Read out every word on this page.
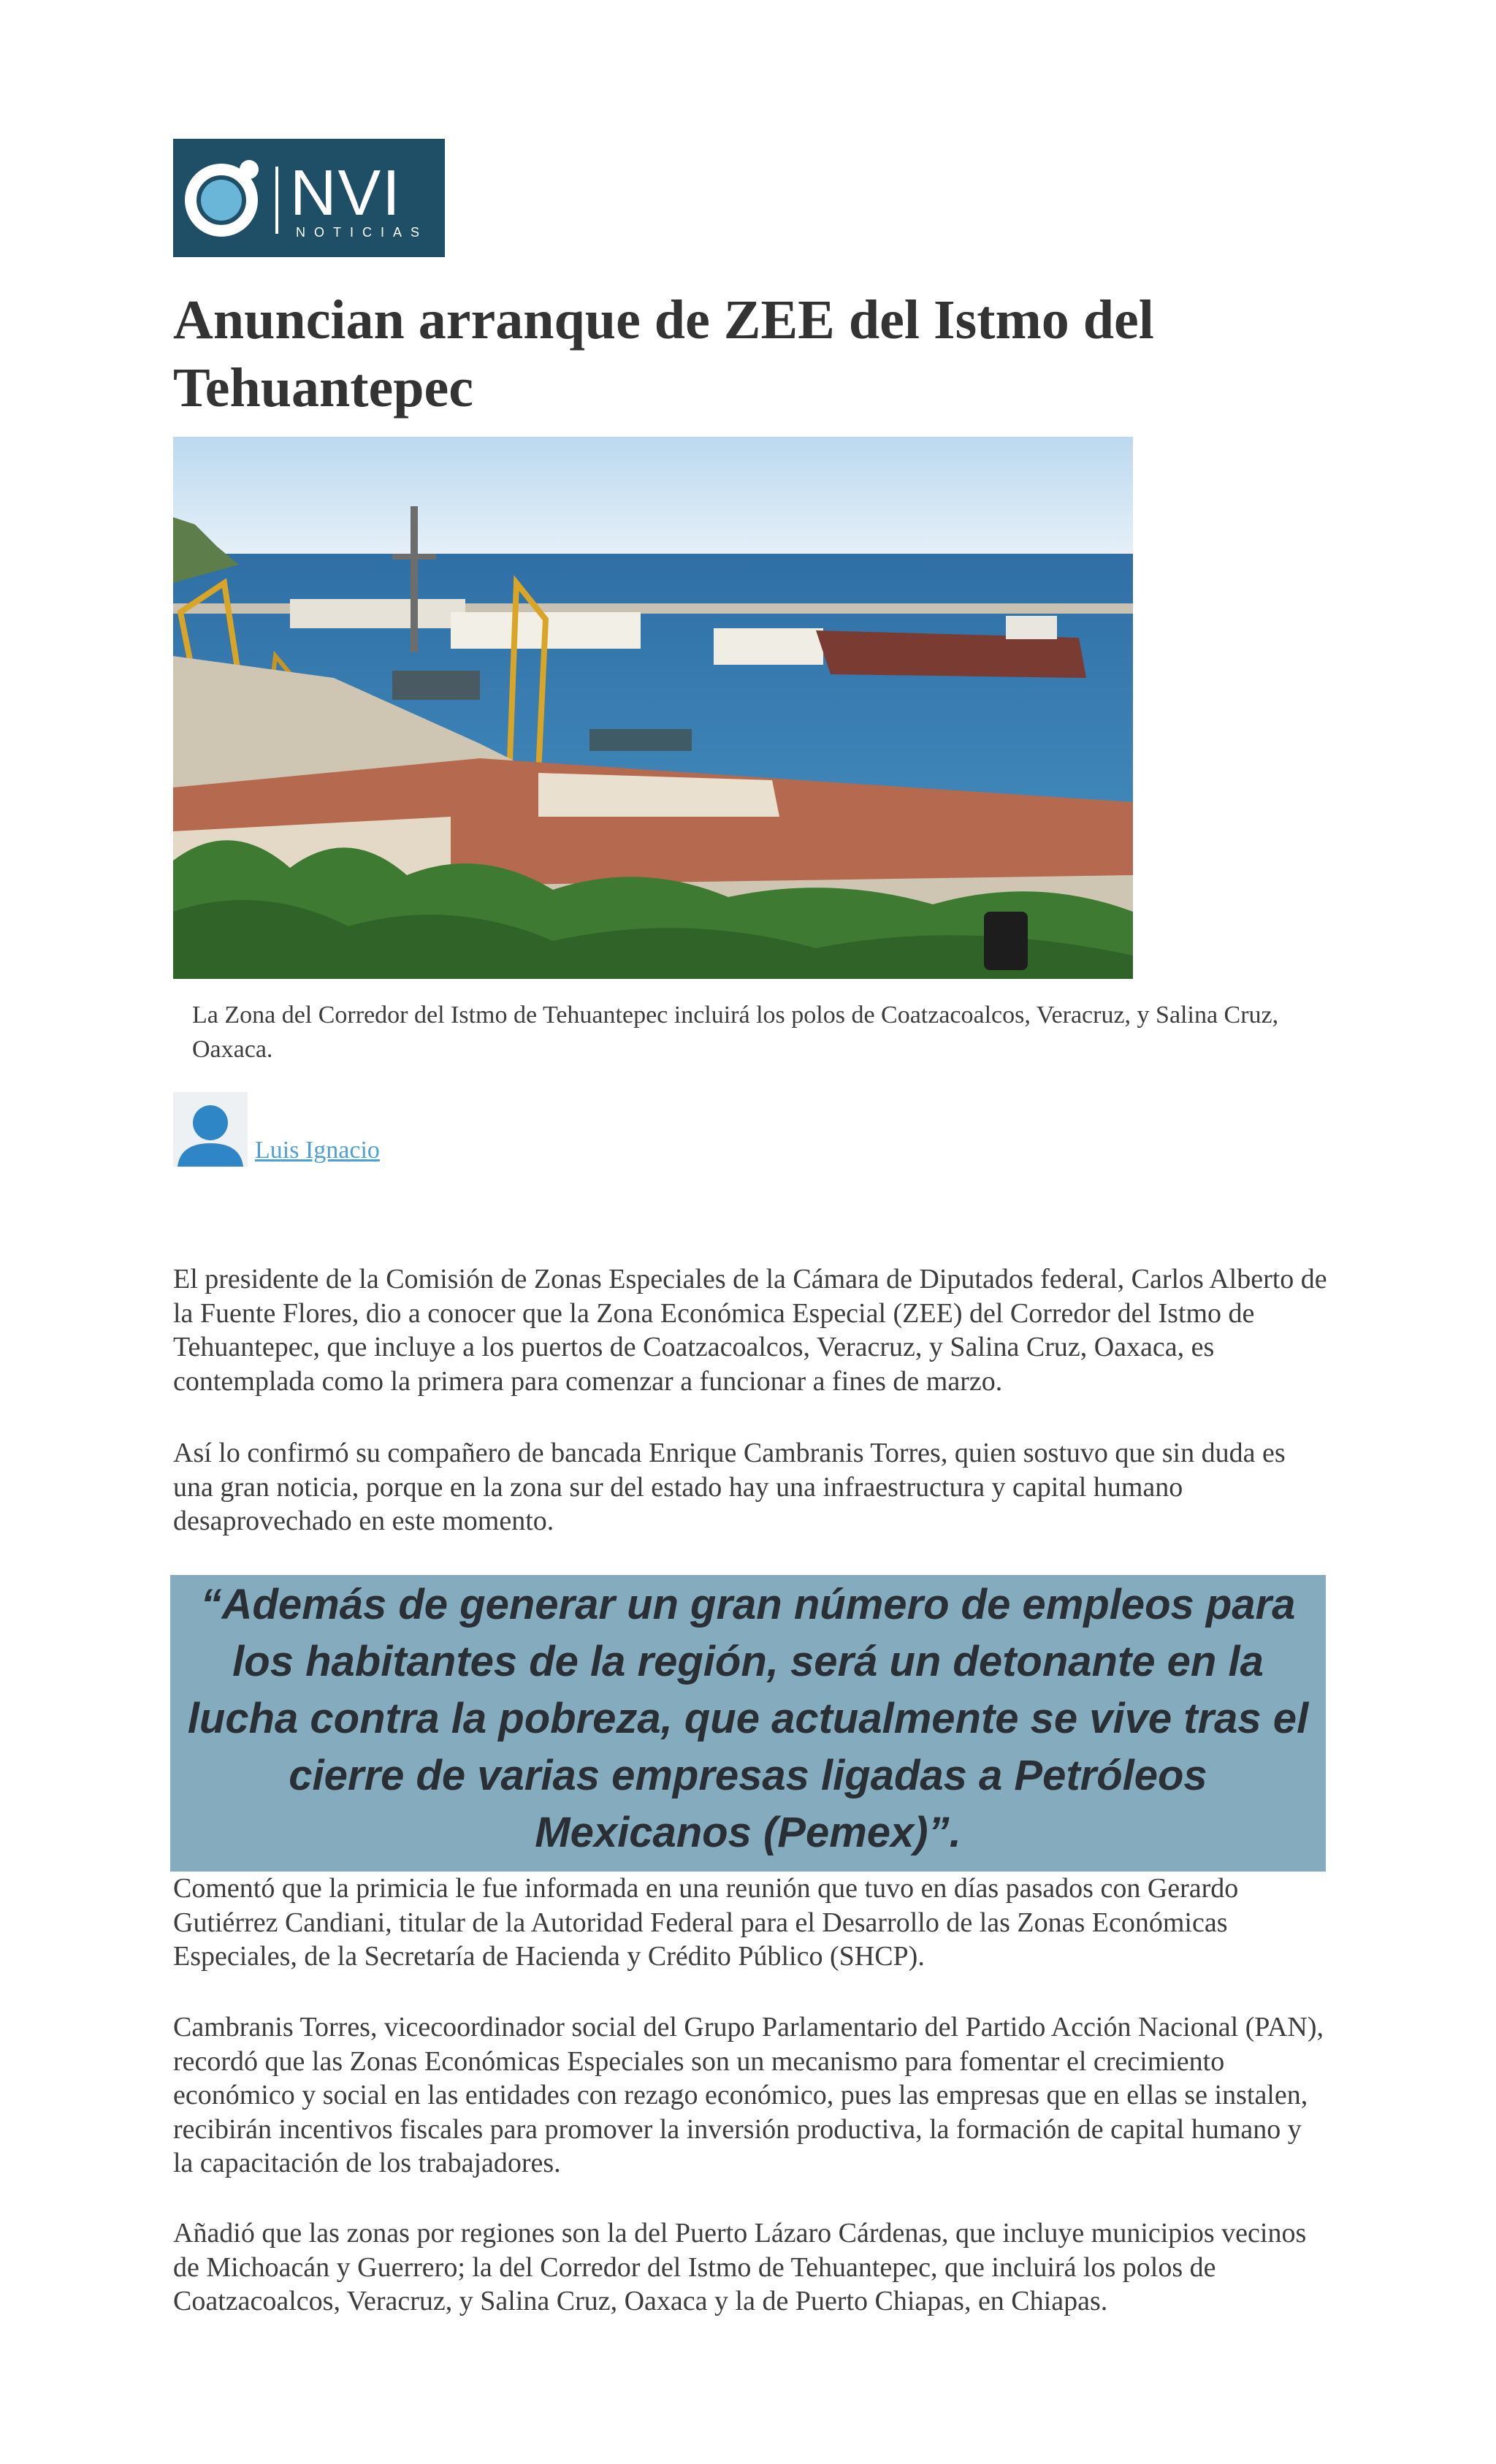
NVI
NOTICIAS
Anuncian arranque de ZEE del Istmo del Tehuantepec
La Zona del Corredor del Istmo de Tehuantepec incluirá los polos de Coatzacoalcos, Veracruz, y Salina Cruz, Oaxaca.
Luis Ignacio

El presidente de la Comisión de Zonas Especiales de la Cámara de Diputados federal, Carlos Alberto de la Fuente Flores, dio a conocer que la Zona Económica Especial (ZEE) del Corredor del Istmo de Tehuantepec, que incluye a los puertos de Coatzacoalcos, Veracruz, y Salina Cruz, Oaxaca, es contemplada como la primera para comenzar a funcionar a fines de marzo.

Así lo confirmó su compañero de bancada Enrique Cambranis Torres, quien sostuvo que sin duda es una gran noticia, porque en la zona sur del estado hay una infraestructura y capital humano desaprovechado en este momento.

“Además de generar un gran número de empleos para los habitantes de la región, será un detonante en la lucha contra la pobreza, que actualmente se vive tras el cierre de varias empresas ligadas a Petróleos Mexicanos (Pemex)”.

Comentó que la primicia le fue informada en una reunión que tuvo en días pasados con Gerardo Gutiérrez Candiani, titular de la Autoridad Federal para el Desarrollo de las Zonas Económicas Especiales, de la Secretaría de Hacienda y Crédito Público (SHCP).

Cambranis Torres, vicecoordinador social del Grupo Parlamentario del Partido Acción Nacional (PAN), recordó que las Zonas Económicas Especiales son un mecanismo para fomentar el crecimiento económico y social en las entidades con rezago económico, pues las empresas que en ellas se instalen, recibirán incentivos fiscales para promover la inversión productiva, la formación de capital humano y la capacitación de los trabajadores.

Añadió que las zonas por regiones son la del Puerto Lázaro Cárdenas, que incluye municipios vecinos de Michoacán y Guerrero; la del Corredor del Istmo de Tehuantepec, que incluirá los polos de Coatzacoalcos, Veracruz, y Salina Cruz, Oaxaca y la de Puerto Chiapas, en Chiapas.
